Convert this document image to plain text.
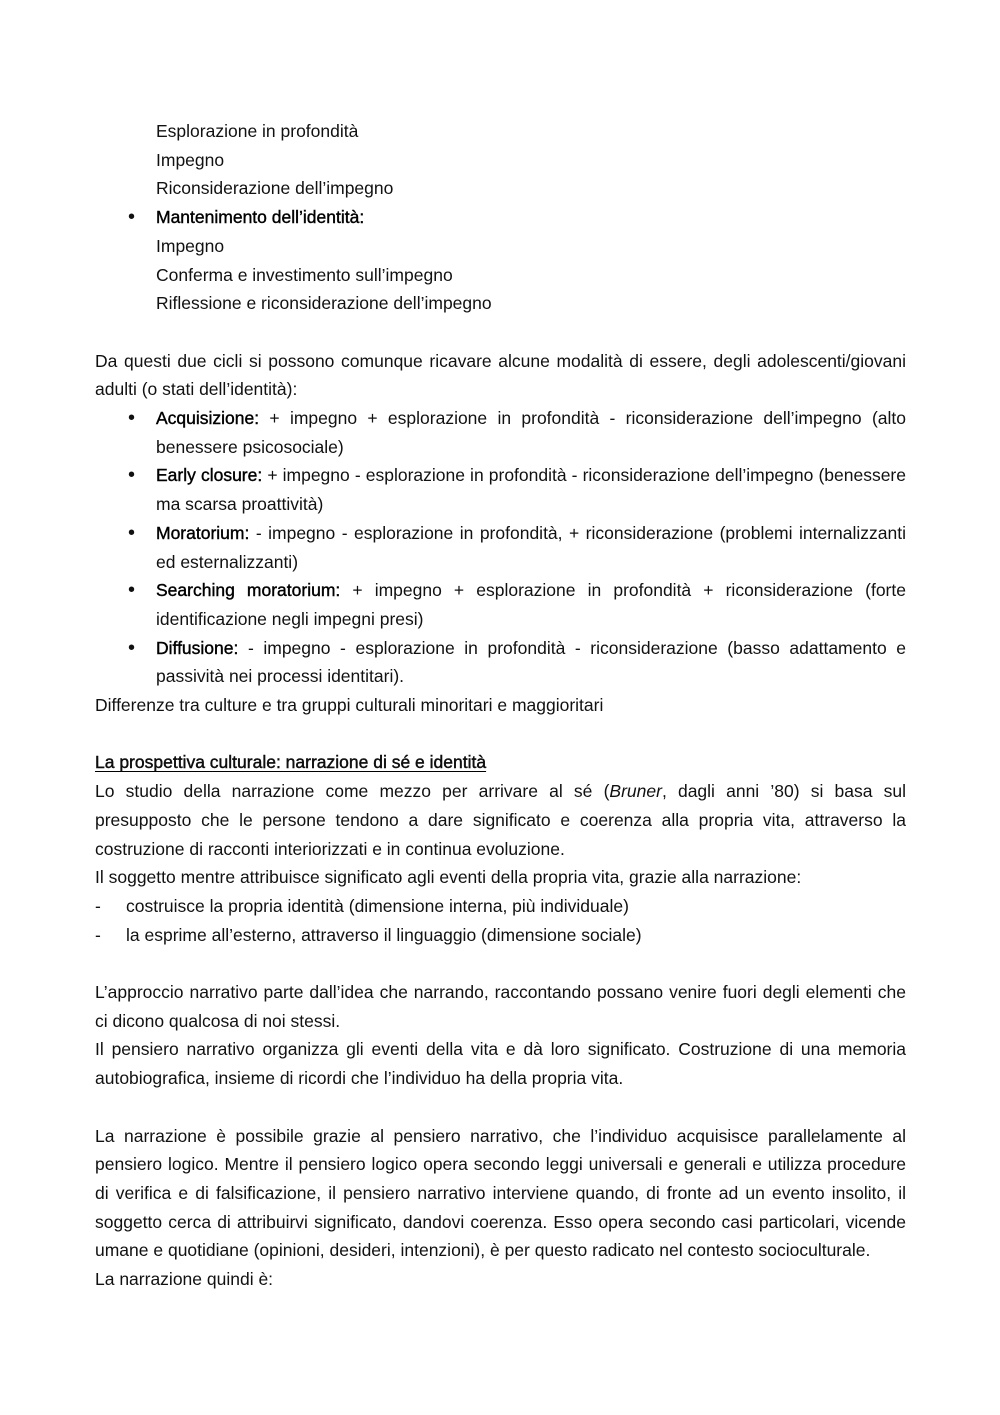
Esplorazione in profondità

Impegno

Riconsiderazione dell’impegno

• Mantenimento dell’identità:

Impegno

Conferma e investimento sull’impegno

Riflessione e riconsiderazione dell’impegno

Da questi due cicli si possono comunque ricavare alcune modalità di essere, degli adolescenti/giovani adulti (o stati dell’identità):

• Acquisizione: + impegno + esplorazione in profondità - riconsiderazione dell’impegno (alto benessere psicosociale)
• Early closure: + impegno - esplorazione in profondità - riconsiderazione dell’impegno (benessere ma scarsa proattività)
• Moratorium: - impegno - esplorazione in profondità, + riconsiderazione (problemi internalizzanti ed esternalizzanti)
• Searching moratorium: + impegno + esplorazione in profondità + riconsiderazione (forte identificazione negli impegni presi)
• Diffusione: - impegno - esplorazione in profondità - riconsiderazione (basso adattamento e passività nei processi identitari).

Differenze tra culture e tra gruppi culturali minoritari e maggioritari

La prospettiva culturale: narrazione di sé e identità

Lo studio della narrazione come mezzo per arrivare al sé (Bruner, dagli anni ’80) si basa sul presupposto che le persone tendono a dare significato e coerenza alla propria vita, attraverso la costruzione di racconti interiorizzati e in continua evoluzione.

Il soggetto mentre attribuisce significato agli eventi della propria vita, grazie alla narrazione:

- costruisce la propria identità (dimensione interna, più individuale)
- la esprime all’esterno, attraverso il linguaggio (dimensione sociale)

L’approccio narrativo parte dall’idea che narrando, raccontando possano venire fuori degli elementi che ci dicono qualcosa di noi stessi.

Il pensiero narrativo organizza gli eventi della vita e dà loro significato. Costruzione di una memoria autobiografica, insieme di ricordi che l’individuo ha della propria vita.

La narrazione è possibile grazie al pensiero narrativo, che l’individuo acquisisce parallelamente al pensiero logico. Mentre il pensiero logico opera secondo leggi universali e generali e utilizza procedure di verifica e di falsificazione, il pensiero narrativo interviene quando, di fronte ad un evento insolito, il soggetto cerca di attribuirvi significato, dandovi coerenza. Esso opera secondo casi particolari, vicende umane e quotidiane (opinioni, desideri, intenzioni), è per questo radicato nel contesto socioculturale.

La narrazione quindi è:
